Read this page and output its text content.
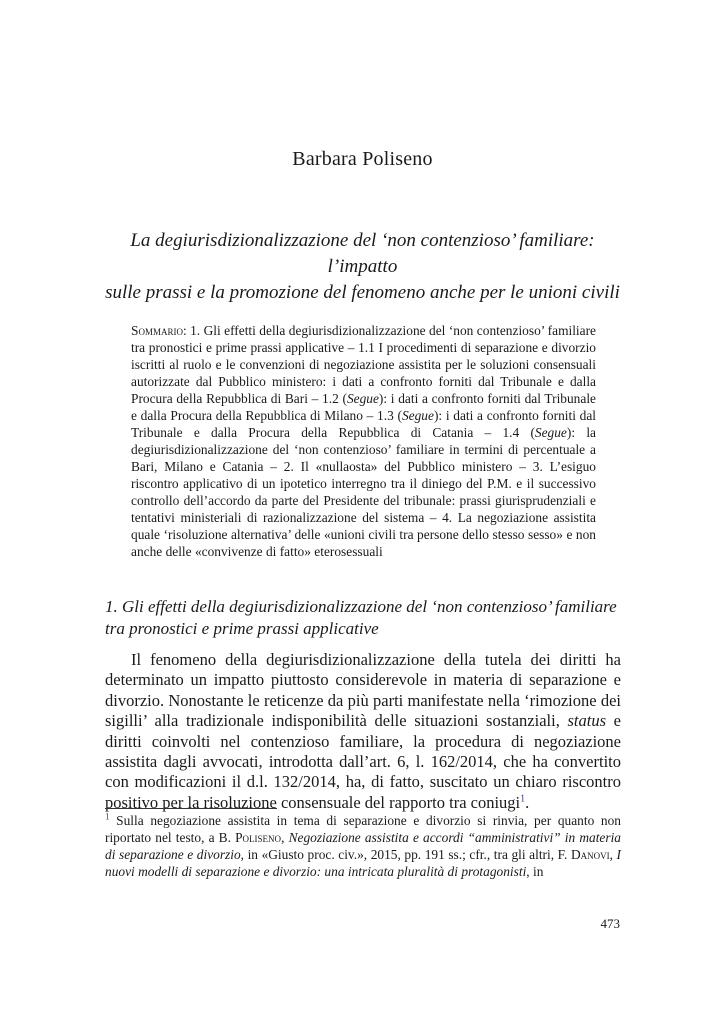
Barbara Poliseno
La degiurisdizionalizzazione del ‘non contenzioso’ familiare: l’impatto
sulle prassi e la promozione del fenomeno anche per le unioni civili

Sommario: 1. Gli effetti della degiurisdizionalizzazione del ‘non contenzioso’ familiare tra pronostici e prime prassi applicative – 1.1 I procedimenti di separazione e divorzio iscritti al ruolo e le convenzioni di negoziazione assistita per le soluzioni consensuali autorizzate dal Pubblico ministero: i dati a confronto forniti dal Tribunale e dalla Procura della Repubblica di Bari – 1.2 (Segue): i dati a confronto forniti dal Tribunale e dalla Procura della Repubblica di Milano – 1.3 (Segue): i dati a confronto forniti dal Tribunale e dalla Procura della Repubblica di Catania – 1.4 (Segue): la degiurisdizionalizzazione del ‘non contenzioso’ familiare in termini di percentuale a Bari, Milano e Catania – 2. Il «nullaosta» del Pubblico ministero – 3. L’esiguo riscontro applicativo di un ipotetico interregno tra il diniego del P.M. e il successivo controllo dell’accordo da parte del Presidente del tribunale: prassi giurisprudenziali e tentativi ministeriali di razionalizzazione del sistema – 4. La negoziazione assistita quale ‘risoluzione alternativa’ delle «unioni civili tra persone dello stesso sesso» e non anche delle «convivenze di fatto» eterosessuali

1. Gli effetti della degiurisdizionalizzazione del ‘non contenzioso’ familiare tra pronostici e prime prassi applicative

Il fenomeno della degiurisdizionalizzazione della tutela dei diritti ha determinato un impatto piuttosto considerevole in materia di separazione e divorzio. Nonostante le reticenze da più parti manifestate nella ‘rimozione dei sigilli’ alla tradizionale indisponibilità delle situazioni sostanziali, status e diritti coinvolti nel contenzioso familiare, la procedura di negoziazione assistita dagli avvocati, introdotta dall’art. 6, l. 162/2014, che ha convertito con modificazioni il d.l. 132/2014, ha, di fatto, suscitato un chiaro riscontro positivo per la risoluzione consensuale del rapporto tra coniugi$^1$.

$^1$ Sulla negoziazione assistita in tema di separazione e divorzio si rinvia, per quanto non riportato nel testo, a B. Poliseno, Negoziazione assistita e accordi “amministrativi” in materia di separazione e divorzio, in «Giusto proc. civ.», 2015, pp. 191 ss.; cfr., tra gli altri, F. Danovi, I nuovi modelli di separazione e divorzio: una intricata pluralità di protagonisti, in

473
